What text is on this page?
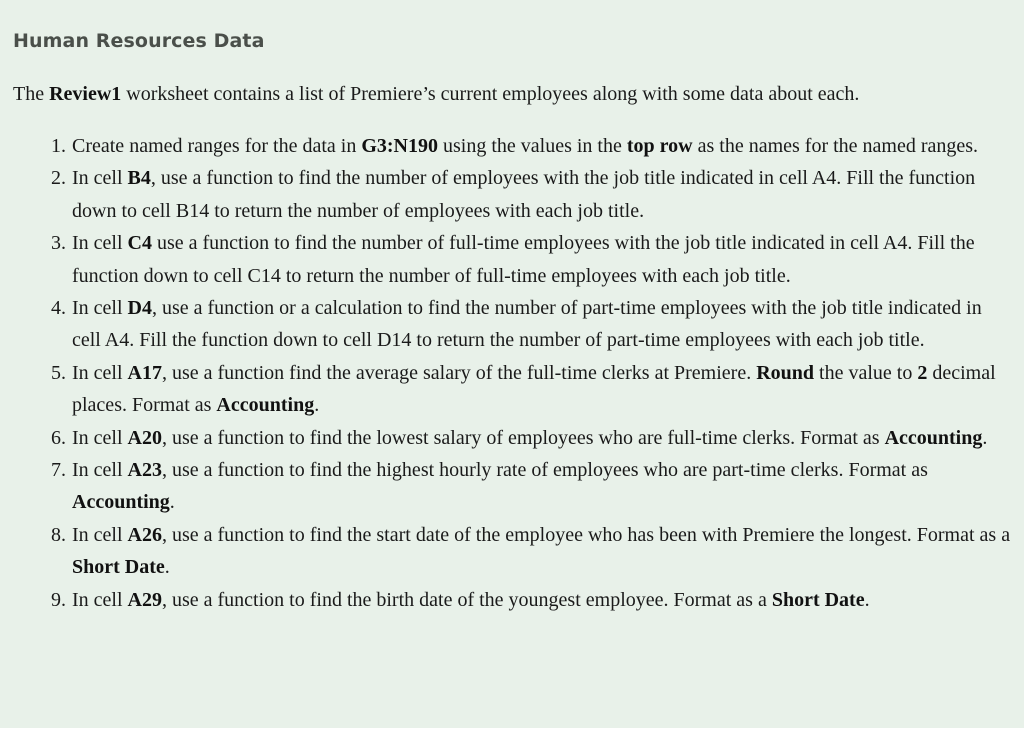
Human Resources Data

The Review1 worksheet contains a list of Premiere’s current employees along with some data about each.

1. Create named ranges for the data in G3:N190 using the values in the top row as the names for the named ranges.
2. In cell B4, use a function to find the number of employees with the job title indicated in cell A4. Fill the function down to cell B14 to return the number of employees with each job title.
3. In cell C4 use a function to find the number of full-time employees with the job title indicated in cell A4. Fill the function down to cell C14 to return the number of full-time employees with each job title.
4. In cell D4, use a function or a calculation to find the number of part-time employees with the job title indicated in cell A4. Fill the function down to cell D14 to return the number of part-time employees with each job title.
5. In cell A17, use a function find the average salary of the full-time clerks at Premiere. Round the value to 2 decimal places. Format as Accounting.
6. In cell A20, use a function to find the lowest salary of employees who are full-time clerks. Format as Accounting.
7. In cell A23, use a function to find the highest hourly rate of employees who are part-time clerks. Format as Accounting.
8. In cell A26, use a function to find the start date of the employee who has been with Premiere the longest. Format as a Short Date.
9. In cell A29, use a function to find the birth date of the youngest employee. Format as a Short Date.
